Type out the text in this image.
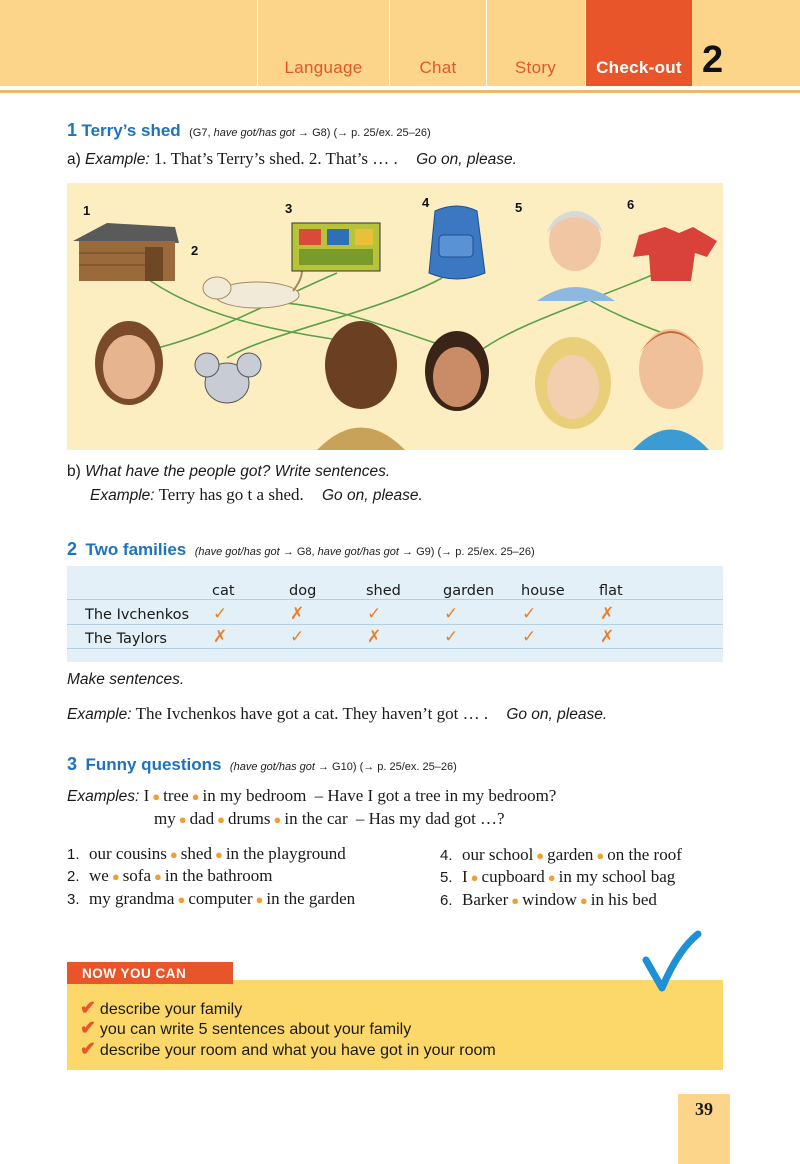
Language	Chat	Story Check-out 2
1 Terry’s shed (G7, have got/has got → G8) (→ p. 25/ex. 25–26)
a) Example: 1. That’s Terry’s shed. 2. That’s … . Go on, please.
1
2
3	4	5	6
b) What have the people got? Write sentences.
Example: Terry has go t a shed. Go on, please.
2 Two families (have got/has got → G8, have got/has got → G9) (→ p. 25/ex. 25–26)
cat	dog	shed	garden house flat
The Ivchenkos ✓	✗	✓	✓	✓	✗
The Taylors	✗	✓	✗	✓	✓	✗
Make sentences.
Example: The Ivchenkos have got a cat. They haven’t got … . Go on, please.
3 Funny questions (have got/has got → G10) (→ p. 25/ex. 25–26)
Examples: I ● tree ● in my bedroom – Have I got a tree in my bedroom?
my ● dad ● drums ● in the car – Has my dad got …?
1. our cousins ● shed ● in the playground
2. we ● sofa ● in the bathroom
3. my grandma ● computer ● in the garden
4. our school ● garden ● on the roof
5. I ● cupboard ● in my school bag
6. Barker ● window ● in his bed
NOW YOU CAN
✔ describe your family
✔ you can write 5 sentences about your family
✔ describe your room and what you have got in your room
39
